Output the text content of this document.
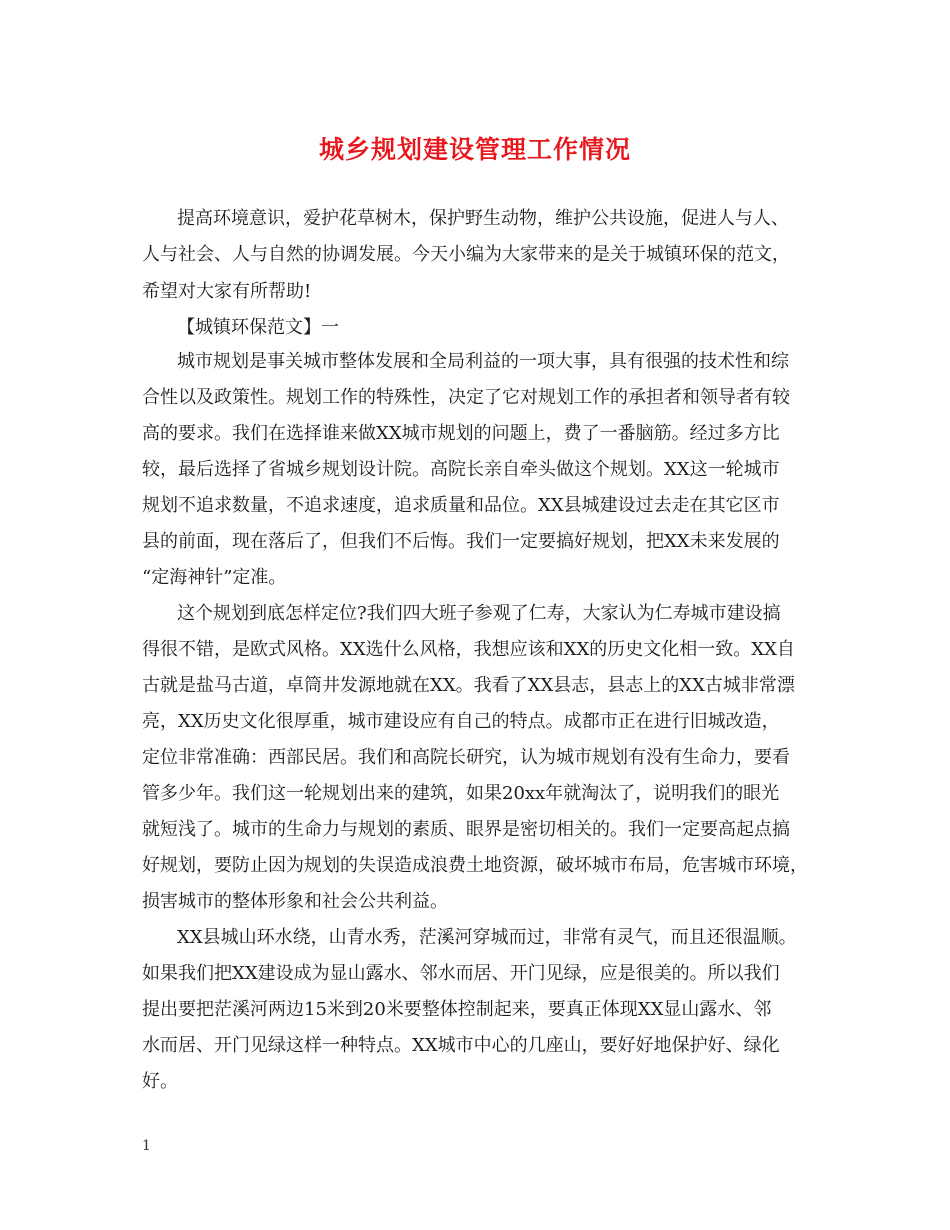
城乡规划建设管理工作情况
提高环境意识，爱护花草树木，保护野生动物，维护公共设施，促进人与人、
人与社会、人与自然的协调发展。今天小编为大家带来的是关于城镇环保的范文，
希望对大家有所帮助!
【城镇环保范文】一
城市规划是事关城市整体发展和全局利益的一项大事，具有很强的技术性和综
合性以及政策性。规划工作的特殊性，决定了它对规划工作的承担者和领导者有较
高的要求。我们在选择谁来做XX城市规划的问题上，费了一番脑筋。经过多方比
较，最后选择了省城乡规划设计院。高院长亲自牵头做这个规划。XX这一轮城市
规划不追求数量，不追求速度，追求质量和品位。XX县城建设过去走在其它区市
县的前面，现在落后了，但我们不后悔。我们一定要搞好规划，把XX未来发展的
“定海神针”定准。
这个规划到底怎样定位?我们四大班子参观了仁寿，大家认为仁寿城市建设搞
得很不错，是欧式风格。XX选什么风格，我想应该和XX的历史文化相一致。XX自
古就是盐马古道，卓筒井发源地就在XX。我看了XX县志，县志上的XX古城非常漂
亮，XX历史文化很厚重，城市建设应有自己的特点。成都市正在进行旧城改造，
定位非常准确：西部民居。我们和高院长研究，认为城市规划有没有生命力，要看
管多少年。我们这一轮规划出来的建筑，如果20xx年就淘汰了，说明我们的眼光
就短浅了。城市的生命力与规划的素质、眼界是密切相关的。我们一定要高起点搞
好规划，要防止因为规划的失误造成浪费土地资源，破坏城市布局，危害城市环境，
损害城市的整体形象和社会公共利益。
XX县城山环水绕，山青水秀，茫溪河穿城而过，非常有灵气，而且还很温顺。
如果我们把XX建设成为显山露水、邻水而居、开门见绿，应是很美的。所以我们
提出要把茫溪河两边15米到20米要整体控制起来，要真正体现XX显山露水、邻
水而居、开门见绿这样一种特点。XX城市中心的几座山，要好好地保护好、绿化
好。
1
